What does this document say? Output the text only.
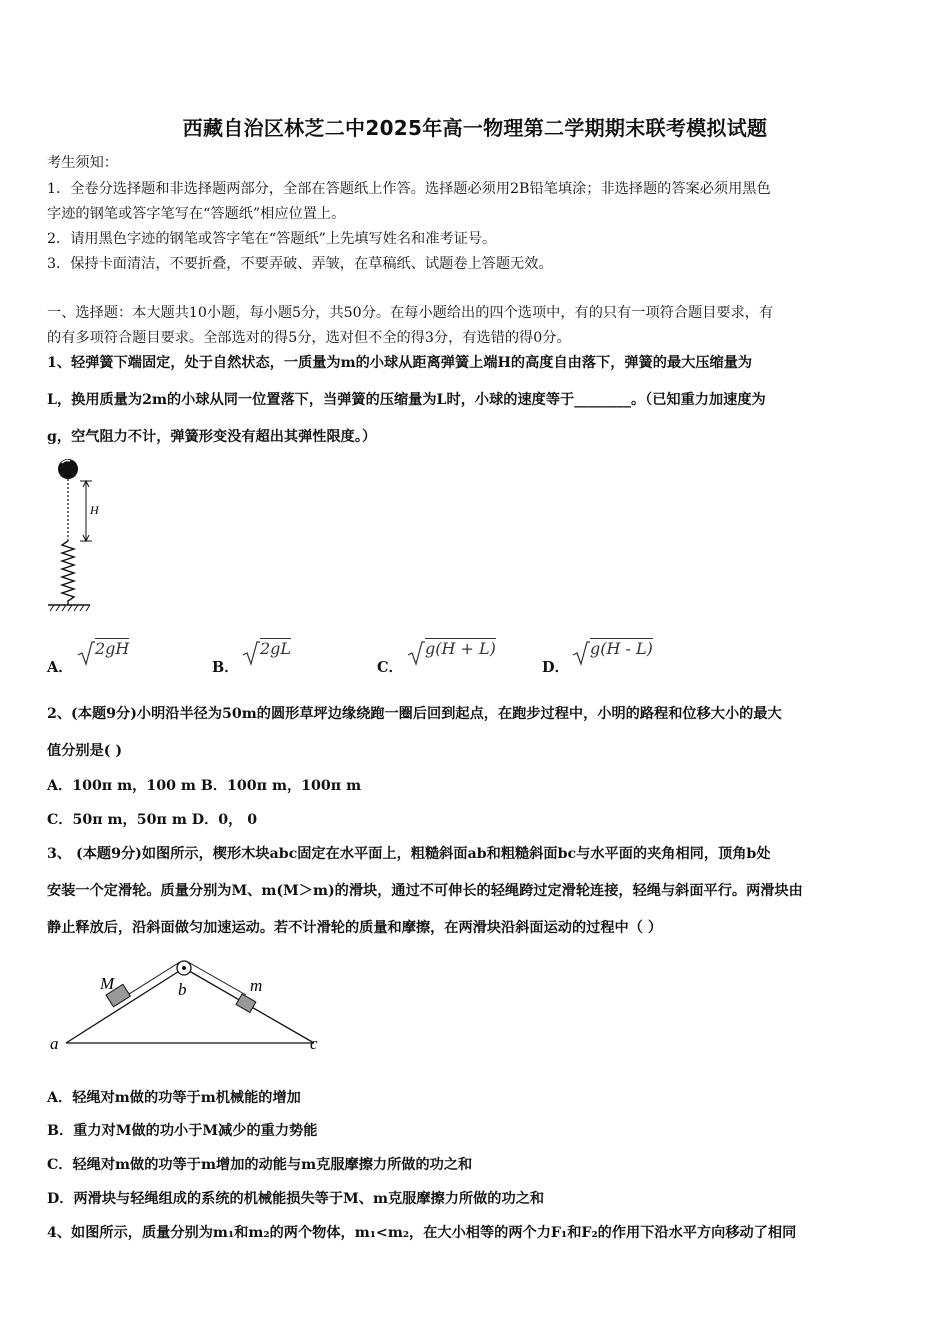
西藏自治区林芝二中2025年高一物理第二学期期末联考模拟试题
考生须知：
1．全卷分选择题和非选择题两部分，全部在答题纸上作答。选择题必须用2B铅笔填涂；非选择题的答案必须用黑色
字迹的钢笔或答字笔写在“答题纸”相应位置上。
2．请用黑色字迹的钢笔或答字笔在“答题纸”上先填写姓名和准考证号。
3．保持卡面清洁，不要折叠，不要弄破、弄皱，在草稿纸、试题卷上答题无效。
一、选择题：本大题共10小题，每小题5分，共50分。在每小题给出的四个选项中，有的只有一项符合题目要求，有
的有多项符合题目要求。全部选对的得5分，选对但不全的得3分，有选错的得0分。
1、轻弹簧下端固定，处于自然状态，一质量为m的小球从距离弹簧上端H的高度自由落下，弹簧的最大压缩量为
L，换用质量为2m的小球从同一位置落下，当弹簧的压缩量为L时，小球的速度等于________。（已知重力加速度为
g，空气阻力不计，弹簧形变没有超出其弹性限度。）
H
A．
2gH
B．
2gL
C．
g(H + L)
D．
g(H - L)
2、(本题9分)小明沿半径为50m的圆形草坪边缘绕跑一圈后回到起点，在跑步过程中，小明的路程和位移大小的最大
值分别是( )
A．100π m，100 m B．100π m，100π m
C．50π m，50π m D．0， 0
3、 (本题9分)如图所示，楔形木块abc固定在水平面上，粗糙斜面ab和粗糙斜面bc与水平面的夹角相同，顶角b处
安装一个定滑轮。质量分别为M、m(M＞m)的滑块，通过不可伸长的轻绳跨过定滑轮连接，轻绳与斜面平行。两滑块由
静止释放后，沿斜面做匀加速运动。若不计滑轮的质量和摩擦，在两滑块沿斜面运动的过程中（ ）
M	m
b
a	c
A．轻绳对m做的功等于m机械能的增加
B．重力对M做的功小于M减少的重力势能
C．轻绳对m做的功等于m增加的动能与m克服摩擦力所做的功之和
D．两滑块与轻绳组成的系统的机械能损失等于M、m克服摩擦力所做的功之和
4、如图所示，质量分别为m₁和m₂的两个物体，m₁<m₂，在大小相等的两个力F₁和F₂的作用下沿水平方向移动了相同
